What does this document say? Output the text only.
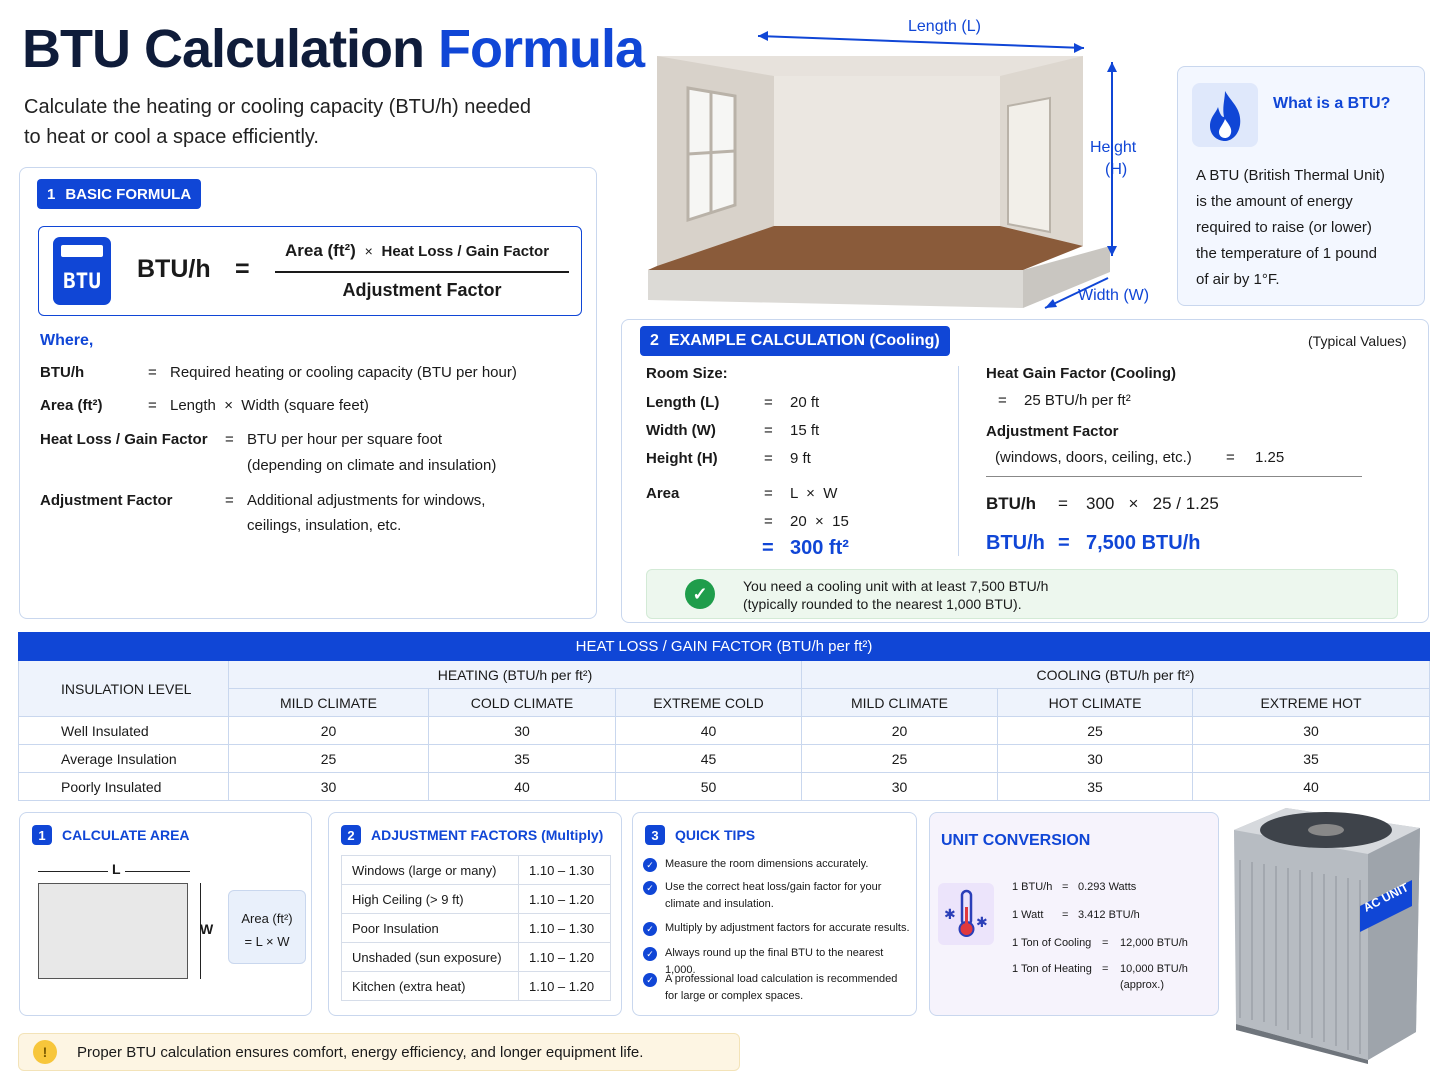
BTU Calculation Formula
Calculate the heating or cooling capacity (BTU/h) needed to heat or cool a space efficiently.
1 BASIC FORMULA
BTU	BTU/h =
Area (ft²) × Heat Loss / Gain Factor
Adjustment Factor
Where,
BTU/h	= Required heating or cooling capacity (BTU per hour)
Area (ft²)	= Length  ×  Width (square feet)
Heat Loss / Gain Factor = BTU per hour per square foot
(depending on climate and insulation)
Adjustment Factor	= Additional adjustments for windows,
ceilings, insulation, etc.
Length (L)
Height
(H)
Width (W)
What is a BTU?
A BTU (British Thermal Unit)
is the amount of energy
required to raise (or lower)
the temperature of 1 pound
of air by 1°F.
2 EXAMPLE CALCULATION (Cooling)	(Typical Values)
Room Size:
Length (L)	= 20 ft
Width (W)	= 15 ft
Height (H)	= 9 ft
Area	= L  ×  W
= 20  ×  15
= 300 ft²
Heat Gain Factor (Cooling)
= 25 BTU/h per ft²
Adjustment Factor
(windows, doors, ceiling, etc.) = 1.25
BTU/h = 300   ×   25 / 1.25
BTU/h = 7,500 BTU/h
✓	You need a cooling unit with at least 7,500 BTU/h
(typically rounded to the nearest 1,000 BTU).
HEAT LOSS / GAIN FACTOR (BTU/h per ft²)						
INSULATION LEVEL	HEATING (BTU/h per ft²)			COOLING (BTU/h per ft²)		
	MILD CLIMATE	COLD CLIMATE	EXTREME COLD	MILD CLIMATE	HOT CLIMATE	EXTREME HOT
Well Insulated	20	30	40	20	25	30
Average Insulation	25	35	45	25	30	35
Poorly Insulated	30	40	50	30	35	40
1	CALCULATE AREA
L
W
Area (ft²)
= L × W
2	ADJUSTMENT FACTORS (Multiply)
Windows (large or many)	1.10 – 1.30
High Ceiling (> 9 ft)	1.10 – 1.20
Poor Insulation	1.10 – 1.30
Unshaded (sun exposure)	1.10 – 1.20
Kitchen (extra heat)	1.10 – 1.20
3	QUICK TIPS
✓ Measure the room dimensions accurately.
✓ Use the correct heat loss/gain factor for your
climate and insulation.
✓ Multiply by adjustment factors for accurate results.
✓ Always round up the final BTU to the nearest 1,000.
✓ A professional load calculation is recommended
for large or complex spaces.
UNIT CONVERSION
✱ ✱
1 BTU/h = 0.293 Watts
1 Watt = 3.412 BTU/h
1 Ton of Cooling = 12,000 BTU/h
1 Ton of Heating = 10,000 BTU/h
(approx.)
AC UNIT
!	Proper BTU calculation ensures comfort, energy efficiency, and longer equipment life.
